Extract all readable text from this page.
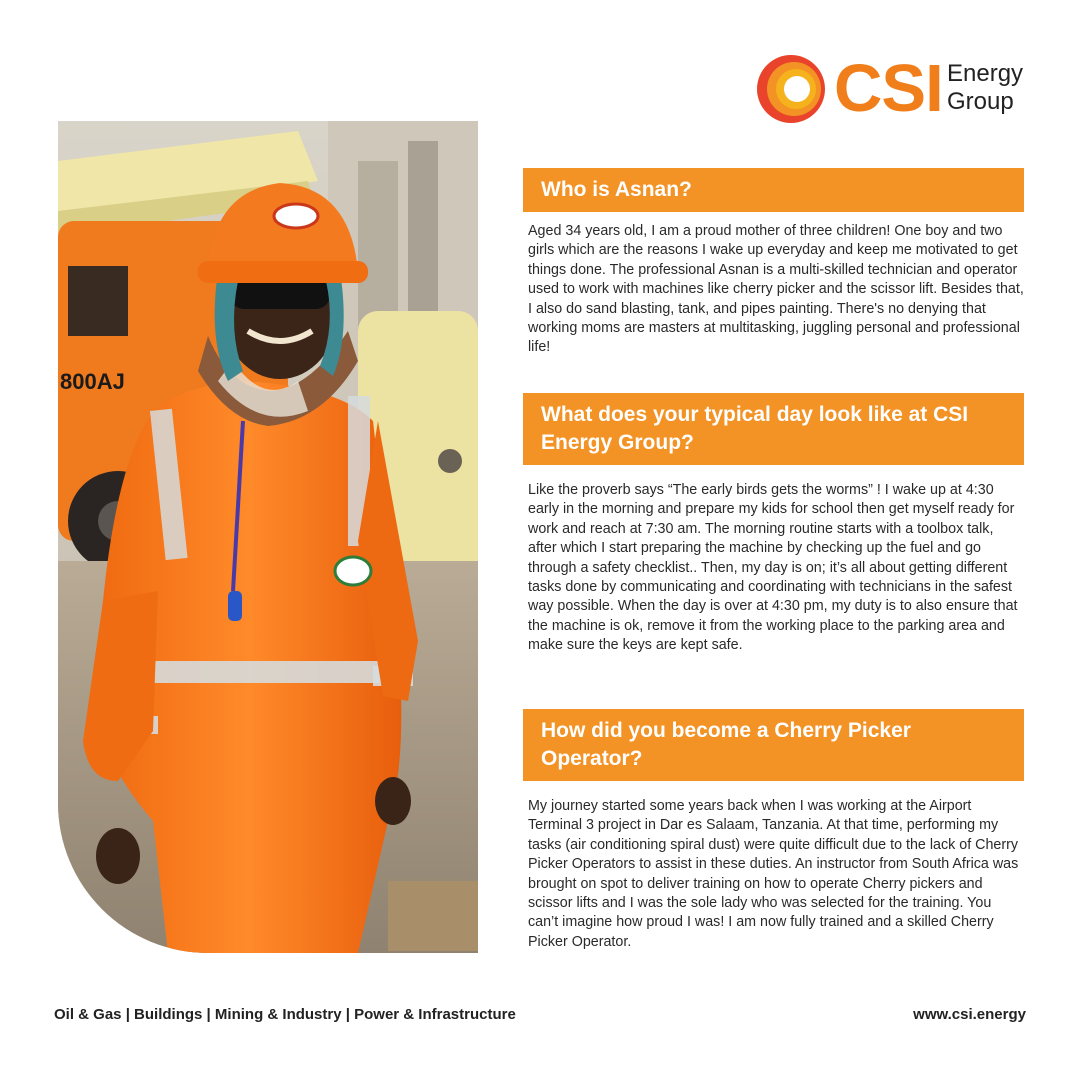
CSI Energy
Group
800AJ
Who is Asnan?

Aged 34 years old, I am a proud mother of three children! One boy and two girls which are the reasons I wake up everyday and keep me motivated to get things done. The professional Asnan is a multi-skilled technician and operator used to work with machines like cherry picker and the scissor lift. Besides that, I also do sand blasting, tank, and pipes painting. There's no denying that working moms are masters at multitasking, juggling personal and professional life!

What does your typical day look like at CSI Energy Group?

Like the proverb says “The early birds gets the worms” ! I wake up at 4:30 early in the morning and prepare my kids for school then get myself ready for work and reach at 7:30 am. The morning routine starts with a toolbox talk, after which I start preparing the machine by checking up the fuel and go through a safety checklist.. Then, my day is on; it’s all about getting different tasks done by communicating and coordinating with technicians in the safest way possible. When the day is over at 4:30 pm, my duty is to also ensure that the machine is ok, remove it from the working place to the parking area and make sure the keys are kept safe.

How did you become a Cherry Picker Operator?

My journey started some years back when I was working at the Airport Terminal 3 project in Dar es Salaam, Tanzania. At that time, performing my tasks (air conditioning spiral dust) were quite difficult due to the lack of Cherry Picker Operators to assist in these duties. An instructor from South Africa was brought on spot to deliver training on how to operate Cherry pickers and scissor lifts and I was the sole lady who was selected for the training. You can’t imagine how proud I was! I am now fully trained and a skilled Cherry Picker Operator.

Oil & Gas | Buildings | Mining & Industry | Power & Infrastructure	www.csi.energy
